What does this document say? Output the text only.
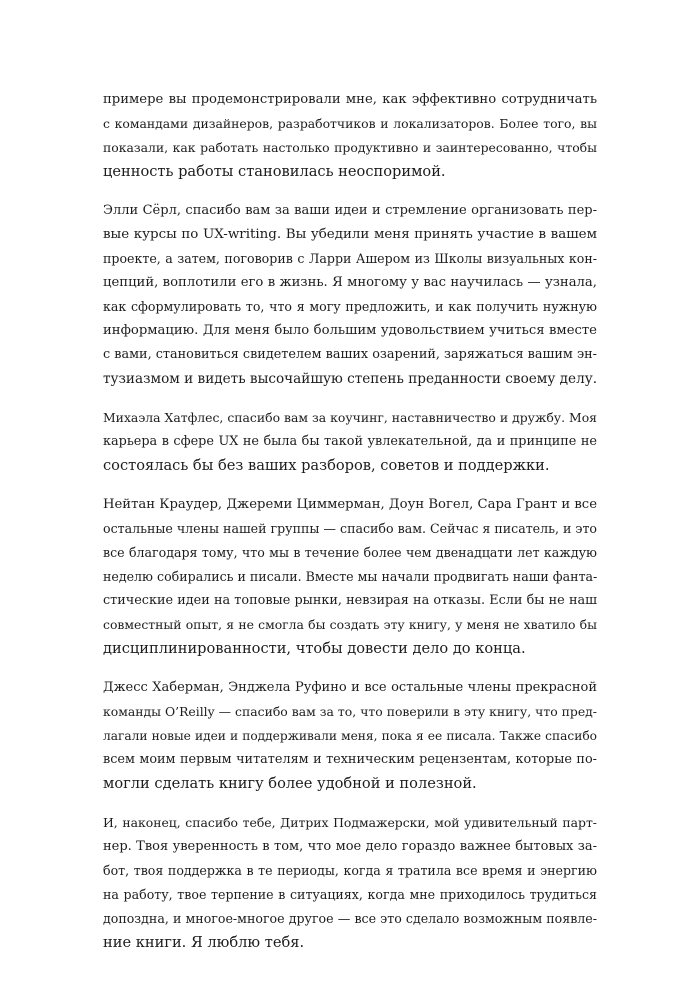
примере вы продемонстрировали мне, как эффективно сотрудничать
с командами дизайнеров, разработчиков и локализаторов. Более того, вы
показали, как работать настолько продуктивно и заинтересованно, чтобы
ценность работы становилась неоспоримой.
Элли Сёрл, спасибо вам за ваши идеи и стремление организовать пер-
вые курсы по UX-writing. Вы убедили меня принять участие в вашем
проекте, а затем, поговорив с Ларри Ашером из Школы визуальных кон-
цепций, воплотили его в жизнь. Я многому у вас научилась — узнала,
как сформулировать то, что я могу предложить, и как получить нужную
информацию. Для меня было большим удовольствием учиться вместе
с вами, становиться свидетелем ваших озарений, заряжаться вашим эн-
тузиазмом и видеть высочайшую степень преданности своему делу.
Михаэла Хатфлес, спасибо вам за коучинг, наставничество и дружбу. Моя
карьера в сфере UX не была бы такой увлекательной, да и принципе не
состоялась бы без ваших разборов, советов и поддержки.
Нейтан Краудер, Джереми Циммерман, Доун Вогел, Сара Грант и все
остальные члены нашей группы — спасибо вам. Сейчас я писатель, и это
все благодаря тому, что мы в течение более чем двенадцати лет каждую
неделю собирались и писали. Вместе мы начали продвигать наши фанта-
стические идеи на топовые рынки, невзирая на отказы. Если бы не наш
совместный опыт, я не смогла бы создать эту книгу, у меня не хватило бы
дисциплинированности, чтобы довести дело до конца.
Джесс Хаберман, Энджела Руфино и все остальные члены прекрасной
команды O’Reilly — спасибо вам за то, что поверили в эту книгу, что пред-
лагали новые идеи и поддерживали меня, пока я ее писала. Также спасибо
всем моим первым читателям и техническим рецензентам, которые по-
могли сделать книгу более удобной и полезной.
И, наконец, спасибо тебе, Дитрих Подмажерски, мой удивительный парт-
нер. Твоя уверенность в том, что мое дело гораздо важнее бытовых за-
бот, твоя поддержка в те периоды, когда я тратила все время и энергию
на работу, твое терпение в ситуациях, когда мне приходилось трудиться
допоздна, и многое-многое другое — все это сделало возможным появле-
ние книги. Я люблю тебя.
